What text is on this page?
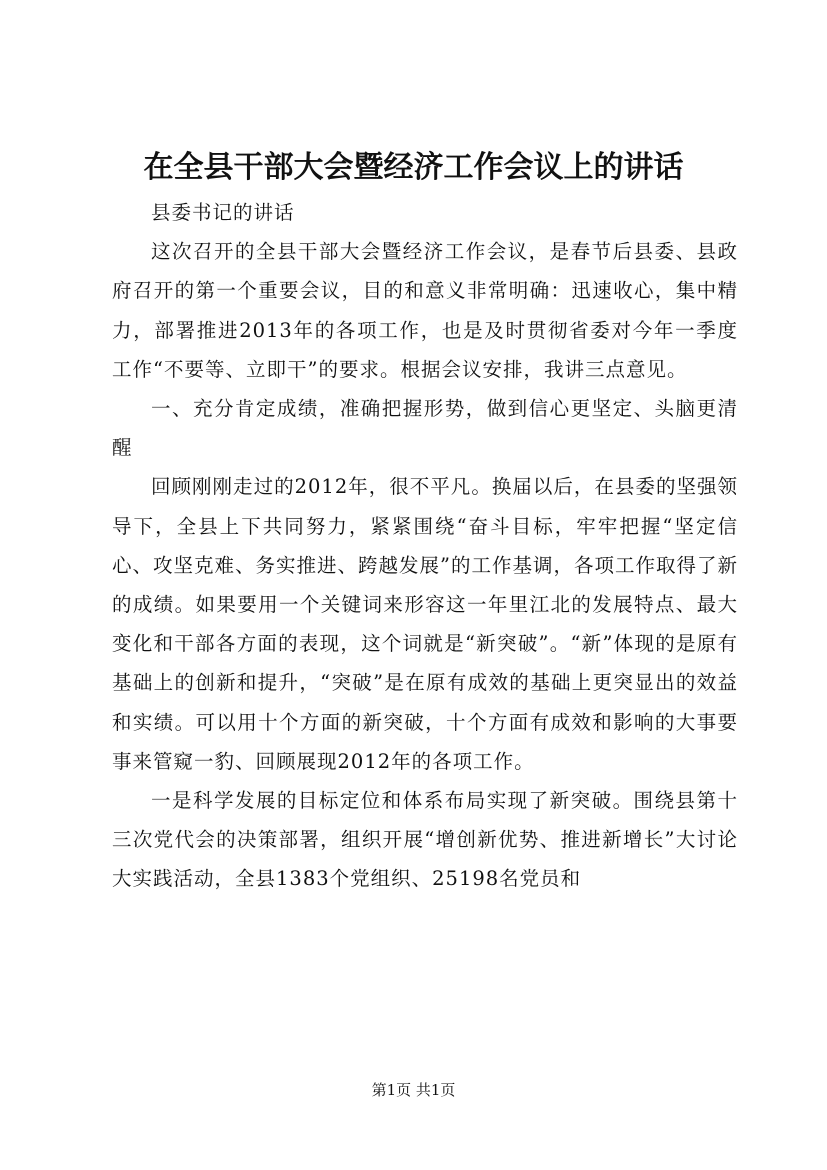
在全县干部大会暨经济工作会议上的讲话

县委书记的讲话

这次召开的全县干部大会暨经济工作会议，是春节后县委、县政府召开的第一个重要会议，目的和意义非常明确：迅速收心，集中精力，部署推进2013年的各项工作，也是及时贯彻省委对今年一季度工作“不要等、立即干”的要求。根据会议安排，我讲三点意见。

一、充分肯定成绩，准确把握形势，做到信心更坚定、头脑更清醒

回顾刚刚走过的2012年，很不平凡。换届以后，在县委的坚强领导下，全县上下共同努力，紧紧围绕“奋斗目标，牢牢把握“坚定信心、攻坚克难、务实推进、跨越发展”的工作基调，各项工作取得了新的成绩。如果要用一个关键词来形容这一年里江北的发展特点、最大变化和干部各方面的表现，这个词就是“新突破”。“新”体现的是原有基础上的创新和提升，“突破”是在原有成效的基础上更突显出的效益和实绩。可以用十个方面的新突破，十个方面有成效和影响的大事要事来管窥一豹、回顾展现2012年的各项工作。

一是科学发展的目标定位和体系布局实现了新突破。围绕县第十三次党代会的决策部署，组织开展“增创新优势、推进新增长”大讨论大实践活动，全县1383个党组织、25198名党员和

第1页 共1页
